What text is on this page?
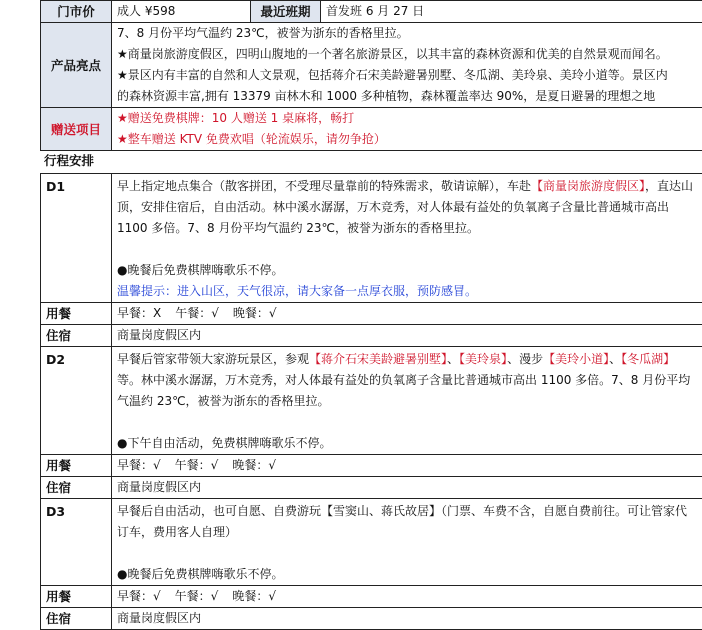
门市价	成人 ¥598	最近班期	首发班 6 月 27 日
产品亮点	7、8 月份平均气温约 23℃，被誉为浙东的香格里拉。

★商量岗旅游度假区，四明山腹地的一个著名旅游景区，以其丰富的森林资源和优美的自然景观而闻名。

★景区内有丰富的自然和人文景观，包括蒋介石宋美龄避暑别墅、冬瓜湖、美玲泉、美玲小道等。景区内

的森林资源丰富,拥有 13379 亩林木和 1000 多种植物，森林覆盖率达 90%，是夏日避暑的理想之地		

赠送项目	★赠送免费棋牌：10 人赠送 1 桌麻将，畅打

★整车赠送 KTV 免费欢唱（轮流娱乐，请勿争抢）		

行程安排
D1	早上指定地点集合（散客拼团，不受理尽量靠前的特殊需求，敬请谅解），车赴【商量岗旅游度假区】，直达山顶，安排住宿后，自由活动。林中溪水潺潺，万木竞秀，对人体最有益处的负氧离子含量比普通城市高出 1100 多倍。7、8 月份平均气温约 23℃，被誉为浙东的香格里拉。

●晚餐后免费棋牌嗨歌乐不停。

温馨提示：进入山区，天气很凉，请大家备一点厚衣服，预防感冒。

用餐	早餐：X 午餐：√ 晚餐：√
住宿	商量岗度假区内
D2	早餐后管家带领大家游玩景区，参观【蒋介石宋美龄避暑别墅】、【美玲泉】、漫步【美玲小道】、【冬瓜湖】等。林中溪水潺潺，万木竞秀，对人体最有益处的负氧离子含量比普通城市高出 1100 多倍。7、8 月份平均气温约 23℃，被誉为浙东的香格里拉。

●下午自由活动，免费棋牌嗨歌乐不停。

用餐	早餐：√ 午餐：√ 晚餐：√
住宿	商量岗度假区内
D3	早餐后自由活动，也可自愿、自费游玩【雪窦山、蒋氏故居】（门票、车费不含，自愿自费前往。可让管家代订车，费用客人自理）

●晚餐后免费棋牌嗨歌乐不停。

用餐	早餐：√ 午餐：√ 晚餐：√
住宿	商量岗度假区内
